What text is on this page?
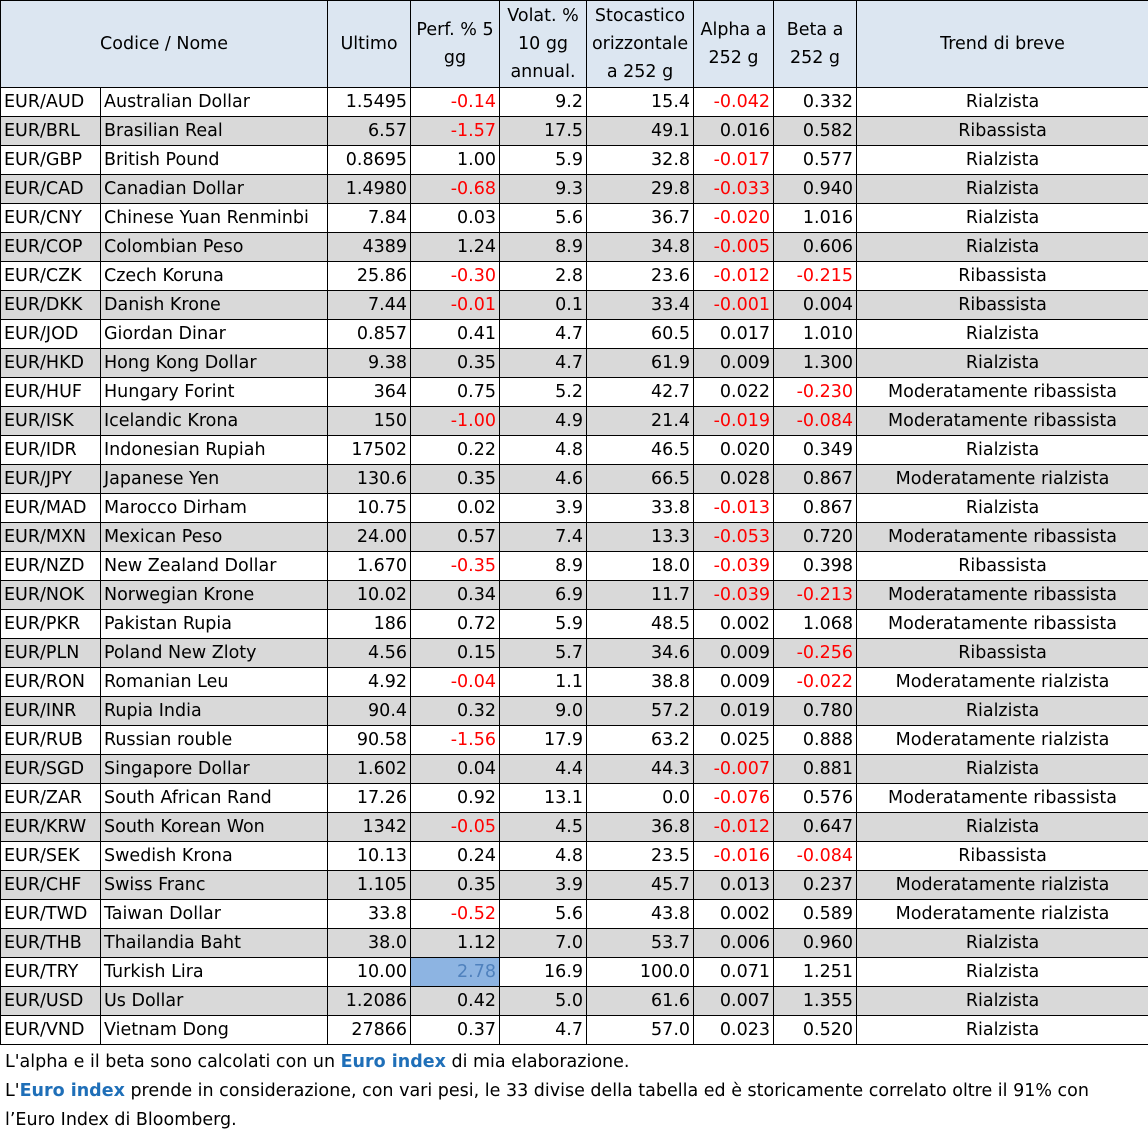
Codice / Nome		Ultimo	Perf. % 5 gg	Volat. % 10 gg annual.	Stocastico orizzontale a 252 g	Alpha a 252 g	Beta a 252 g	Trend di breve
EUR/AUD	Australian Dollar	1.5495	-0.14	9.2	15.4	-0.042	0.332	Rialzista
EUR/BRL	Brasilian Real	6.57	-1.57	17.5	49.1	0.016	0.582	Ribassista
EUR/GBP	British Pound	0.8695	1.00	5.9	32.8	-0.017	0.577	Rialzista
EUR/CAD	Canadian Dollar	1.4980	-0.68	9.3	29.8	-0.033	0.940	Rialzista
EUR/CNY	Chinese Yuan Renminbi	7.84	0.03	5.6	36.7	-0.020	1.016	Rialzista
EUR/COP	Colombian Peso	4389	1.24	8.9	34.8	-0.005	0.606	Rialzista
EUR/CZK	Czech Koruna	25.86	-0.30	2.8	23.6	-0.012	-0.215	Ribassista
EUR/DKK	Danish Krone	7.44	-0.01	0.1	33.4	-0.001	0.004	Ribassista
EUR/JOD	Giordan Dinar	0.857	0.41	4.7	60.5	0.017	1.010	Rialzista
EUR/HKD	Hong Kong Dollar	9.38	0.35	4.7	61.9	0.009	1.300	Rialzista
EUR/HUF	Hungary Forint	364	0.75	5.2	42.7	0.022	-0.230	Moderatamente ribassista
EUR/ISK	Icelandic Krona	150	-1.00	4.9	21.4	-0.019	-0.084	Moderatamente ribassista
EUR/IDR	Indonesian Rupiah	17502	0.22	4.8	46.5	0.020	0.349	Rialzista
EUR/JPY	Japanese Yen	130.6	0.35	4.6	66.5	0.028	0.867	Moderatamente rialzista
EUR/MAD	Marocco Dirham	10.75	0.02	3.9	33.8	-0.013	0.867	Rialzista
EUR/MXN	Mexican Peso	24.00	0.57	7.4	13.3	-0.053	0.720	Moderatamente ribassista
EUR/NZD	New Zealand Dollar	1.670	-0.35	8.9	18.0	-0.039	0.398	Ribassista
EUR/NOK	Norwegian Krone	10.02	0.34	6.9	11.7	-0.039	-0.213	Moderatamente ribassista
EUR/PKR	Pakistan Rupia	186	0.72	5.9	48.5	0.002	1.068	Moderatamente ribassista
EUR/PLN	Poland New Zloty	4.56	0.15	5.7	34.6	0.009	-0.256	Ribassista
EUR/RON	Romanian Leu	4.92	-0.04	1.1	38.8	0.009	-0.022	Moderatamente rialzista
EUR/INR	Rupia India	90.4	0.32	9.0	57.2	0.019	0.780	Rialzista
EUR/RUB	Russian rouble	90.58	-1.56	17.9	63.2	0.025	0.888	Moderatamente rialzista
EUR/SGD	Singapore Dollar	1.602	0.04	4.4	44.3	-0.007	0.881	Rialzista
EUR/ZAR	South African Rand	17.26	0.92	13.1	0.0	-0.076	0.576	Moderatamente ribassista
EUR/KRW	South Korean Won	1342	-0.05	4.5	36.8	-0.012	0.647	Rialzista
EUR/SEK	Swedish Krona	10.13	0.24	4.8	23.5	-0.016	-0.084	Ribassista
EUR/CHF	Swiss Franc	1.105	0.35	3.9	45.7	0.013	0.237	Moderatamente rialzista
EUR/TWD	Taiwan Dollar	33.8	-0.52	5.6	43.8	0.002	0.589	Moderatamente rialzista
EUR/THB	Thailandia Baht	38.0	1.12	7.0	53.7	0.006	0.960	Rialzista
EUR/TRY	Turkish Lira	10.00	2.78	16.9	100.0	0.071	1.251	Rialzista
EUR/USD	Us Dollar	1.2086	0.42	5.0	61.6	0.007	1.355	Rialzista
EUR/VND	Vietnam Dong	27866	0.37	4.7	57.0	0.023	0.520	Rialzista
L'alpha e il beta sono calcolati con un Euro index di mia elaborazione.
L'Euro index prende in considerazione, con vari pesi, le 33 divise della tabella ed è storicamente correlato oltre il 91% con l’Euro Index di Bloomberg.
